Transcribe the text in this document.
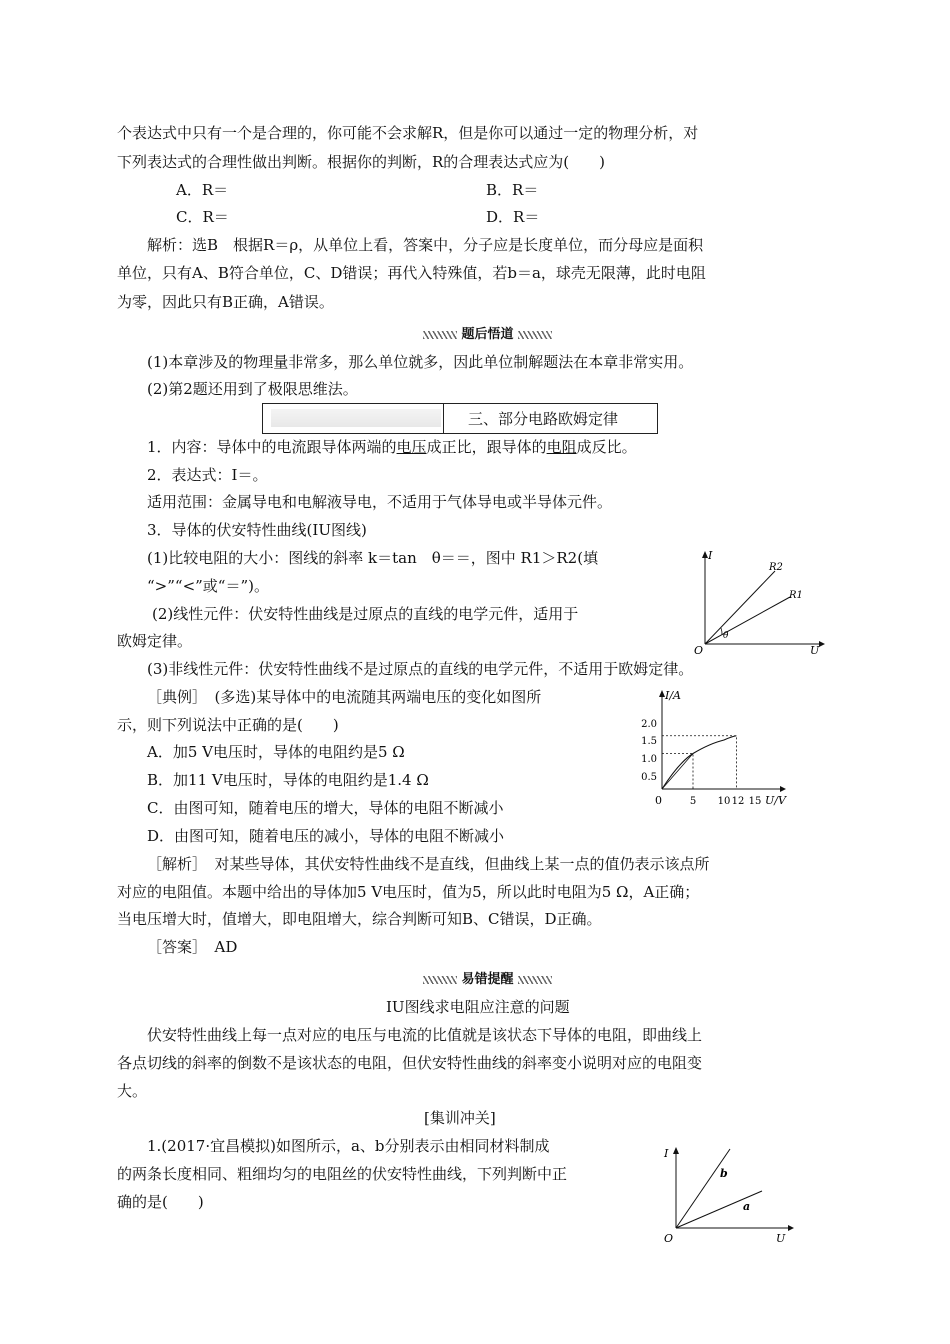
个表达式中只有一个是合理的，你可能不会求解R，但是你可以通过一定的物理分析，对
下列表达式的合理性做出判断。根据你的判断，R的合理表达式应为(　　)
A．R＝	B．R＝
C．R＝	D．R＝
解析：选B　根据R＝ρ，从单位上看，答案中，分子应是长度单位，而分母应是面积
单位，只有A、B符合单位，C、D错误；再代入特殊值，若b＝a，球壳无限薄，此时电阻
为零，因此只有B正确，A错误。
题后悟道
(1)本章涉及的物理量非常多，那么单位就多，因此单位制解题法在本章非常实用。
(2)第2题还用到了极限思维法。
三、部分电路欧姆定律
1．内容：导体中的电流跟导体两端的电压成正比，跟导体的电阻成反比。
2．表达式：I＝。
适用范围：金属导电和电解液导电，不适用于气体导电或半导体元件。
3．导体的伏安特性曲线(IU图线)
(1)比较电阻的大小：图线的斜率 k＝tan　θ＝＝，图中 R1＞R2(填
“>”“<”或“＝”)。
(2)线性元件：伏安特性曲线是过原点的直线的电学元件，适用于
欧姆定律。
(3)非线性元件：伏安特性曲线不是过原点的直线的电学元件，不适用于欧姆定律。
I
U
O
R2
R1
θ
［典例］　(多选)某导体中的电流随其两端电压的变化如图所
示，则下列说法中正确的是(　　)
A．加5 V电压时，导体的电阻约是5 Ω
B．加11 V电压时，导体的电阻约是1.4 Ω
C．由图可知，随着电压的增大，导体的电阻不断减小
D．由图可知，随着电压的减小，导体的电阻不断减小
I/A
U/V
0
2.0
1.5
1.0
0.5
5 10 12 15
［解析］　对某些导体，其伏安特性曲线不是直线，但曲线上某一点的值仍表示该点所
对应的电阻值。本题中给出的导体加5 V电压时，值为5，所以此时电阻为5 Ω，A正确；
当电压增大时，值增大，即电阻增大，综合判断可知B、C错误，D正确。
［答案］　AD
易错提醒
IU图线求电阻应注意的问题
伏安特性曲线上每一点对应的电压与电流的比值就是该状态下导体的电阻，即曲线上
各点切线的斜率的倒数不是该状态的电阻，但伏安特性曲线的斜率变小说明对应的电阻变
大。
[集训冲关]
1.(2017·宜昌模拟)如图所示，a、b分别表示由相同材料制成
的两条长度相同、粗细均匀的电阻丝的伏安特性曲线，下列判断中正
确的是(　　)
I
U
O
b
a
